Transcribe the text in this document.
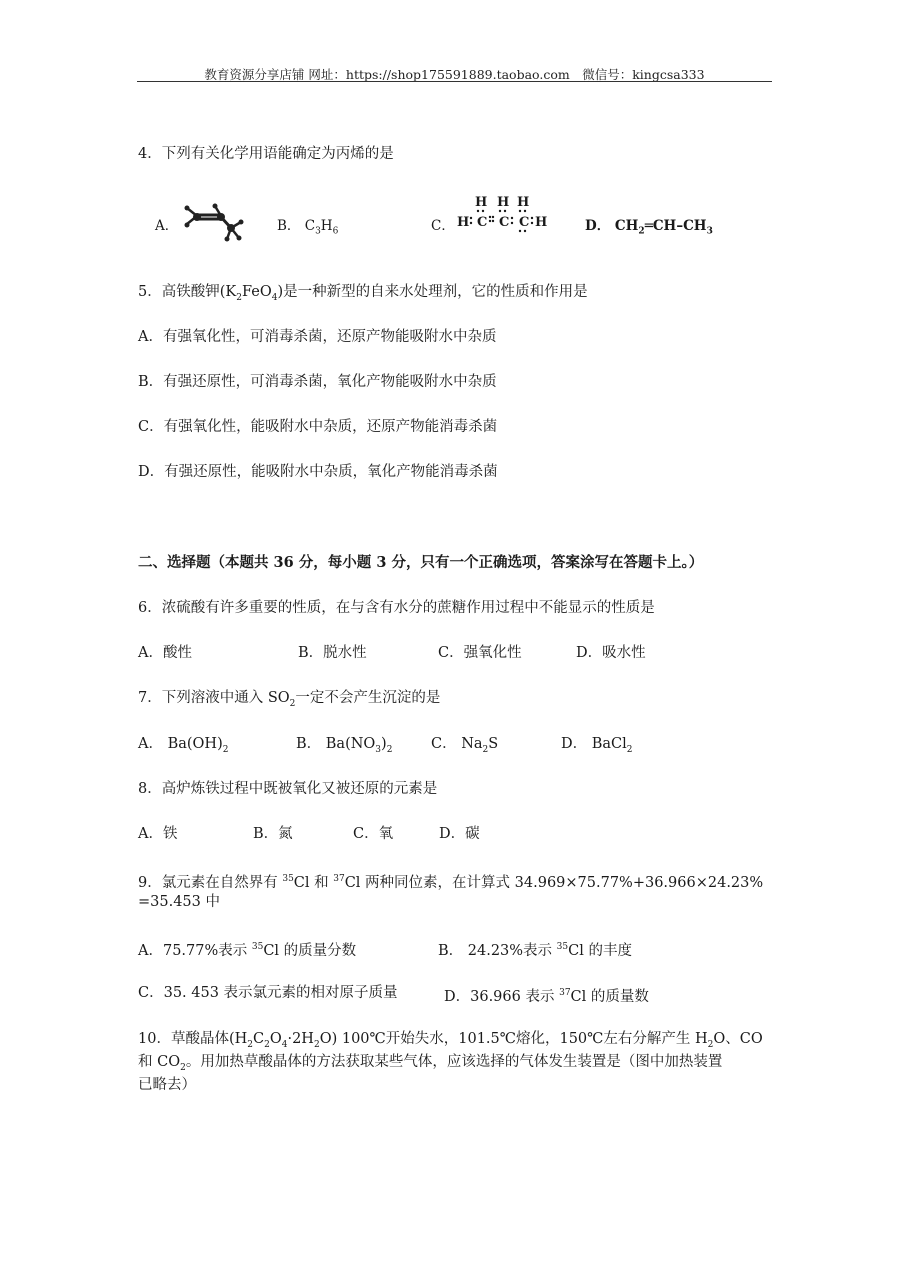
教育资源分享店铺 网址：https://shop175591889.taobao.com　微信号：kingcsa333
4．下列有关化学用语能确定为丙烯的是
A．	B． $C_3H_6$	C．
H H H
H C C C H	D． $CH_2═CH-CH_3$
5．高铁酸钾$(K_2FeO_4)$是一种新型的自来水处理剂，它的性质和作用是
A．有强氧化性，可消毒杀菌，还原产物能吸附水中杂质
B．有强还原性，可消毒杀菌，氧化产物能吸附水中杂质
C．有强氧化性，能吸附水中杂质，还原产物能消毒杀菌
D．有强还原性，能吸附水中杂质，氧化产物能消毒杀菌
二、选择题（本题共 36 分，每小题 3 分，只有一个正确选项，答案涂写在答题卡上。）
6．浓硫酸有许多重要的性质，在与含有水分的蔗糖作用过程中不能显示的性质是
A．酸性	B．脱水性	C．强氧化性	D．吸水性
7．下列溶液中通入 $SO_2$一定不会产生沉淀的是
A． $Ba(OH)_2$	B． $Ba(NO_3)_2$	C． $Na_2S$	D． BaCl$_2$
8．高炉炼铁过程中既被氧化又被还原的元素是
A．铁	B．氮	C．氧	D．碳
9．氯元素在自然界有 $^{35}$Cl 和 $^{37}$Cl 两种同位素，在计算式 34.969×75.77%+36.966×24.23%
=35.453 中
A．75.77%表示 $^{35}$Cl 的质量分数	B． 24.23%表示 $^{35}$Cl 的丰度
C．35. 453 表示氯元素的相对原子质量	D．36.966 表示 $^{37}$Cl 的质量数
10．草酸晶体$(H_2C_2O_4\cdot 2H_2O)$ 100℃开始失水，101.5℃熔化，150℃左右分解产生 $H_2O$、CO
和 $CO_2$。用加热草酸晶体的方法获取某些气体，应该选择的气体发生装置是（图中加热装置
已略去）
